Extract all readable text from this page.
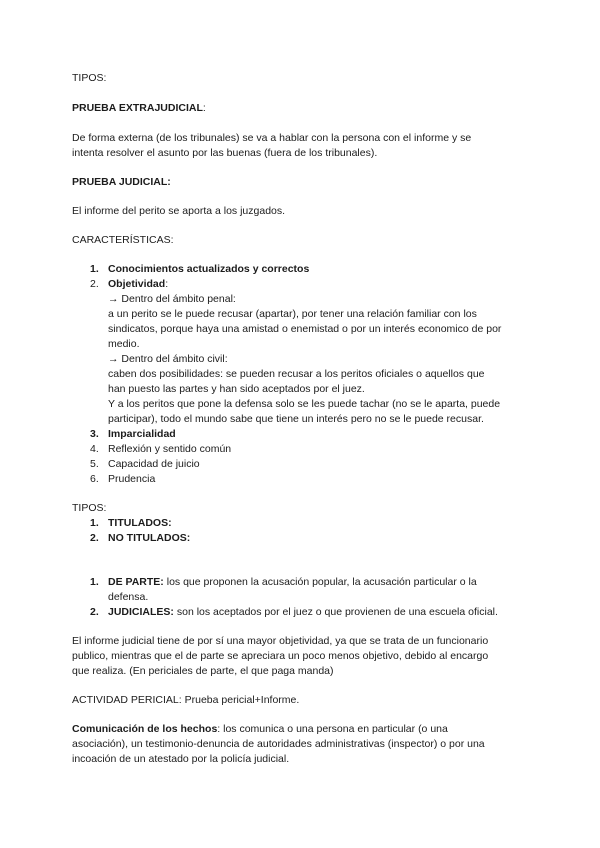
TIPOS:
PRUEBA EXTRAJUDICIAL:
De forma externa (de los tribunales) se va a hablar con la persona con el informe y se
intenta resolver el asunto por las buenas (fuera de los tribunales).
PRUEBA JUDICIAL:
El informe del perito se aporta a los juzgados.
CARACTERÍSTICAS:
1. Conocimientos actualizados y correctos
2. Objetividad:
→ Dentro del ámbito penal:
a un perito se le puede recusar (apartar), por tener una relación familiar con los
sindicatos, porque haya una amistad o enemistad o por un interés economico de por
medio.
→ Dentro del ámbito civil:
caben dos posibilidades: se pueden recusar a los peritos oficiales o aquellos que
han puesto las partes y han sido aceptados por el juez.
Y a los peritos que pone la defensa solo se les puede tachar (no se le aparta, puede
participar), todo el mundo sabe que tiene un interés pero no se le puede recusar.
3. Imparcialidad
4. Reflexión y sentido común
5. Capacidad de juicio
6. Prudencia
TIPOS:
1. TITULADOS:
2. NO TITULADOS:
1. DE PARTE: los que proponen la acusación popular, la acusación particular o la
defensa.
2. JUDICIALES: son los aceptados por el juez o que provienen de una escuela oficial.
El informe judicial tiene de por sí una mayor objetividad, ya que se trata de un funcionario
publico, mientras que el de parte se apreciara un poco menos objetivo, debido al encargo
que realiza. (En periciales de parte, el que paga manda)
ACTIVIDAD PERICIAL: Prueba pericial+Informe.
Comunicación de los hechos: los comunica o una persona en particular (o una
asociación), un testimonio-denuncia de autoridades administrativas (inspector) o por una
incoación de un atestado por la policía judicial.
